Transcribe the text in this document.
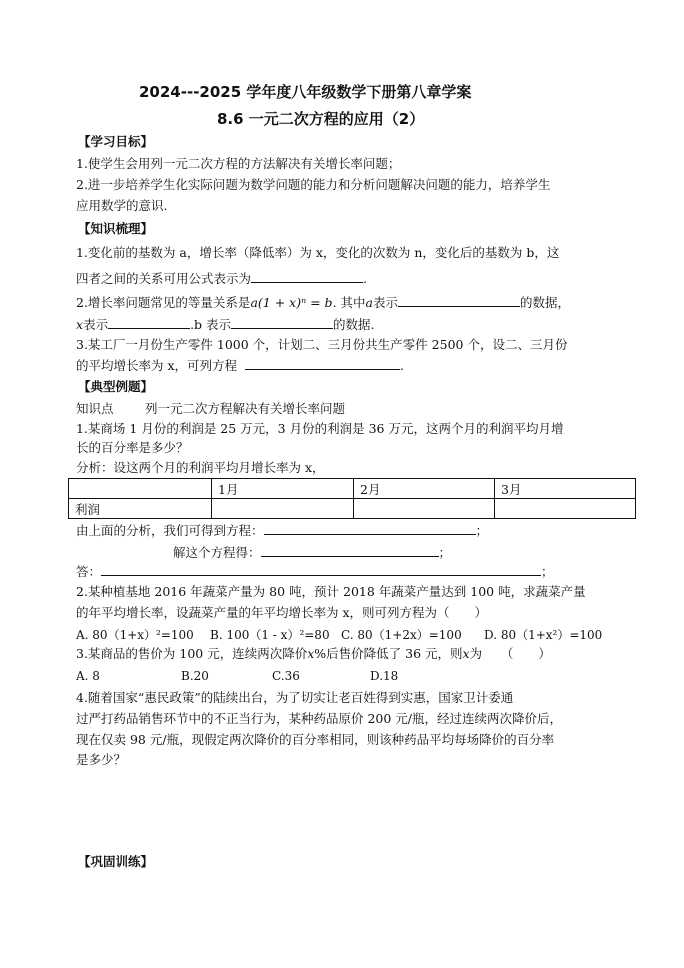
2024---2025 学年度八年级数学下册第八章学案
8.6 一元二次方程的应用（2）
【学习目标】
1.使学生会用列一元二次方程的方法解决有关增长率问题；
2.进一步培养学生化实际问题为数学问题的能力和分析问题解决问题的能力，培养学生
应用数学的意识.
【知识梳理】
1.变化前的基数为 a，增长率（降低率）为 x，变化的次数为 n，变化后的基数为 b，这
四者之间的关系可用公式表示为	.
2.增长率问题常见的等量关系是a(1 + x)ⁿ = b. 其中a表示	的数据，
x表示	.b 表示	的数据.
3.某工厂一月份生产零件 1000 个，计划二、三月份共生产零件 2500 个，设二、三月份
的平均增长率为 x，可列方程	.
【典型例题】
知识点	列一元二次方程解决有关增长率问题
1.某商场 1 月份的利润是 25 万元，3 月份的利润是 36 万元，这两个月的利润平均月增
长的百分率是多少？
分析：设这两个月的利润平均月增长率为 x，
	1月	2月	3月
利润			
由上面的分析，我们可得到方程：	；
解这个方程得：	；
答：	；
2.某种植基地 2016 年蔬菜产量为 80 吨，预计 2018 年蔬菜产量达到 100 吨，求蔬菜产量
的年平均增长率，设蔬菜产量的年平均增长率为 x，则可列方程为（　　）
A. 80（1+x）²=100 B. 100（1 - x）²=80 C. 80（1+2x）=100 D. 80（1+x²）=100
3.某商品的售价为 100 元，连续两次降价x%后售价降低了 36 元，则x为　　（　　）
A. 8	B.20	C.36	D.18
4.随着国家“惠民政策”的陆续出台，为了切实让老百姓得到实惠，国家卫计委通
过严打药品销售环节中的不正当行为，某种药品原价 200 元/瓶，经过连续两次降价后，
现在仅卖 98 元/瓶，现假定两次降价的百分率相同，则该种药品平均每场降价的百分率
是多少？
【巩固训练】
